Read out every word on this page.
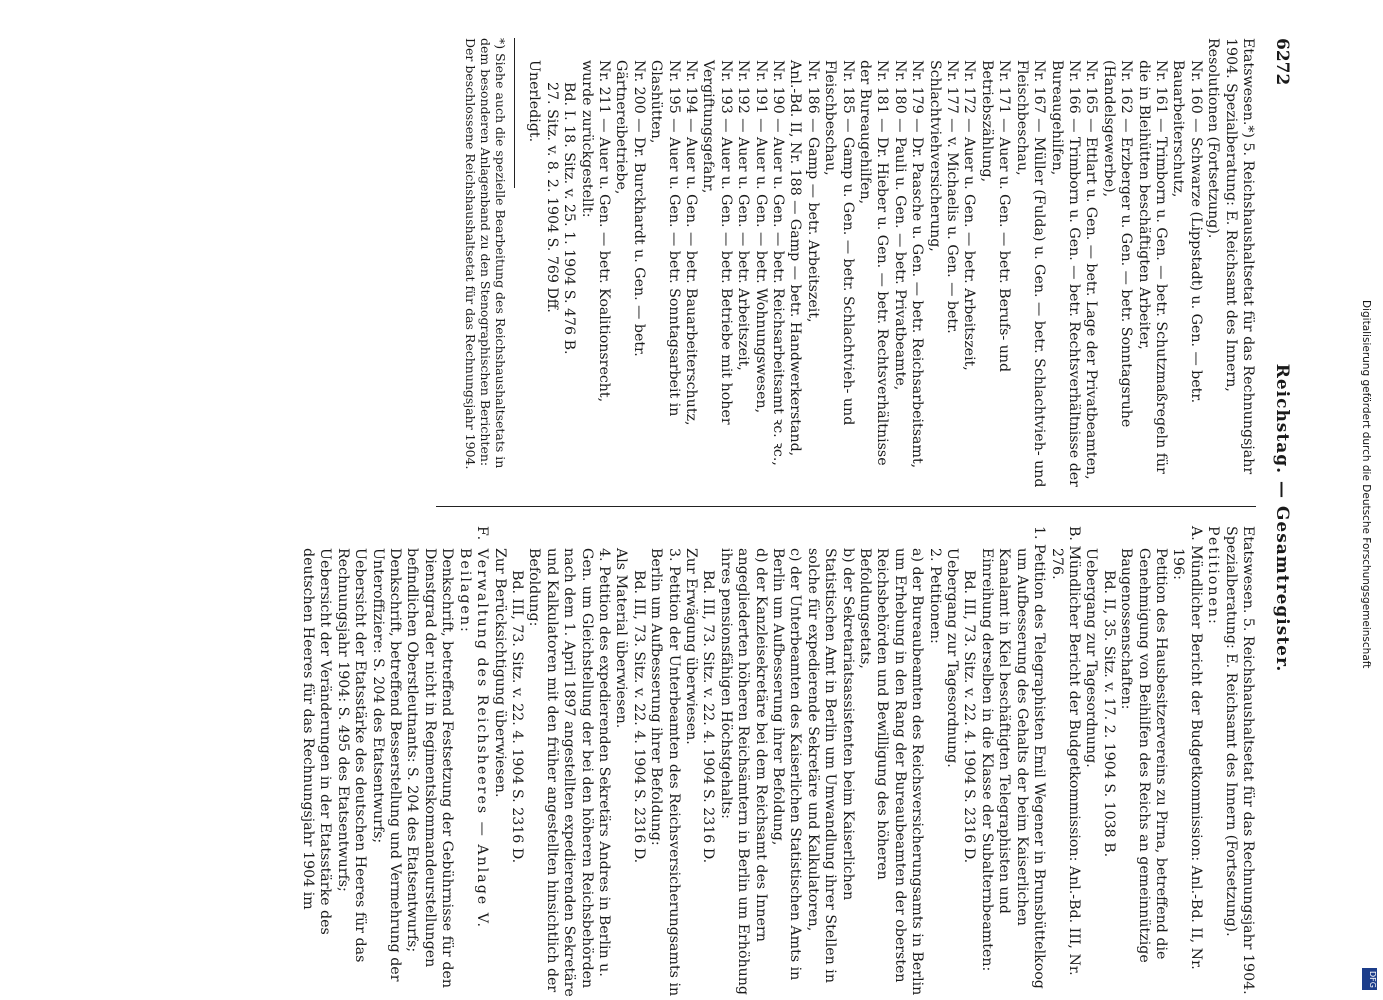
6272
Reichstag. — Gesamtregister.

Etatswesen.*) 5. Reichshaushaltsetat für das Rechnungsjahr 1904. Spezialberatung: E. Reichsamt des Innern, Resolutionen (Fortsetzung).

Nr. 160 — Schwarze (Lippstadt) u. Gen. — betr. Bauarbeiterschutz,

Nr. 161 — Trimborn u. Gen. — betr. Schutzmaßregeln für die in Bleihütten beschäftigten Arbeiter,

Nr. 162 — Erzberger u. Gen. — betr. Sonntagsruhe (Handelsgewerbe),

Nr. 165 — Ettlart u. Gen. — betr. Lage der Privatbeamten,

Nr. 166 — Trimborn u. Gen. — betr. Rechtsverhältnisse der Bureaugehilfen,

Nr. 167 — Müller (Fulda) u. Gen. — betr. Schlachtvieh- und Fleischbeschau,

Nr. 171 — Auer u. Gen. — betr. Berufs- und Betriebszählung,

Nr. 172 — Auer u. Gen. — betr. Arbeitszeit,

Nr. 177 — v. Michaelis u. Gen. — betr. Schlachtviehversicherung,

Nr. 179 — Dr. Paasche u. Gen. — betr. Reichsarbeitsamt,

Nr. 180 — Pauli u. Gen. — betr. Privatbeamte,

Nr. 181 — Dr. Hieber u. Gen. — betr. Rechtsverhältnisse der Bureaugehilfen,

Nr. 185 — Gamp u. Gen. — betr. Schlachtvieh- und Fleischbeschau,

Nr. 186 — Gamp — betr. Arbeitszeit,

Anl.-Bd. II, Nr. 188 — Gamp — betr. Handwerkerstand,

Nr. 190 — Auer u. Gen. — betr. Reichsarbeitsamt ꝛc. ꝛc.,

Nr. 191 — Auer u. Gen. — betr. Wohnungswesen,

Nr. 192 — Auer u. Gen. — betr. Arbeitszeit,

Nr. 193 — Auer u. Gen. — betr. Betriebe mit hoher Vergiftungsgefahr,

Nr. 194 — Auer u. Gen. — betr. Bauarbeiterschutz,

Nr. 195 — Auer u. Gen. — betr. Sonntagsarbeit in Glashütten,

Nr. 200 — Dr. Burckhardt u. Gen. — betr. Gärtnereibetriebe,

Nr. 211 — Auer u. Gen. — betr. Koalitionsrecht,

wurde zurückgestellt:

Bd. I. 18. Sitz. v. 25. 1. 1904 S. 476 B.

27. Sitz. v. 8. 2. 1904 S. 769 Dff.

Unerledigt.

*) Siehe auch die spezielle Bearbeitung des Reichshaushaltsetats in dem besonderen Anlagenband zu den Stenographischen Berichten: Der beschlossene Reichshaushaltsetat für das Rechnungsjahr 1904.

Etatswesen. 5. Reichshaushaltsetat für das Rechnungsjahr 1904. Spezialberatung: E. Reichsamt des Innern (Fortsetzung).

Petitionen:

A. Mündlicher Bericht der Budgetkommission: Anl.-Bd. II, Nr. 196:

Petition des Hausbesitzervereins zu Pirna, betreffend die Genehmigung von Beihilfen des Reichs an gemeinnützige Baugenossenschaften:

Bd. II, 35. Sitz. v. 17. 2. 1904 S. 1038 B.

Uebergang zur Tagesordnung.

B. Mündlicher Bericht der Budgetkommission: Anl.-Bd. III, Nr. 276.

1. Petition des Telegraphisten Emil Wegener in Brunsbüttelkoog um Aufbesserung des Gehalts der beim Kaiserlichen Kanalamt in Kiel beschäftigten Telegraphisten und Einreihung derselben in die Klasse der Subalternbeamten:

Bd. III, 73. Sitz. v. 22. 4. 1904 S. 2316 D.

Uebergang zur Tagesordnung.

2. Petitionen:

a) der Bureaubeamten des Reichsversicherungsamts in Berlin um Erhebung in den Rang der Bureaubeamten der obersten Reichsbehörden und Bewilligung des höheren Befoldungsetats,

b) der Sekretariatsassistenten beim Kaiserlichen Statistischen Amt in Berlin um Umwandlung ihrer Stellen in solche für expedierende Sekretäre und Kalkulatoren,

c) der Unterbeamten des Kaiserlichen Statistischen Amts in Berlin um Aufbesserung ihrer Befoldung,

d) der Kanzleisekretäre bei dem Reichsamt des Innern angegliederten höheren Reichsämtern in Berlin um Erhöhung ihres pensionsfähigen Höchstgehalts:

Bd. III, 73. Sitz. v. 22. 4. 1904 S. 2316 D.

Zur Erwägung überwiesen.

3. Petition der Unterbeamten des Reichsversicherungsamts in Berlin um Aufbesserung ihrer Befoldung:

Bd. III, 73. Sitz. v. 22. 4. 1904 S. 2316 D.

Als Material überwiesen.

4. Petition des expedierenden Sekretärs Andres in Berlin u. Gen. um Gleichstellung der bei den höheren Reichsbehörden nach dem 1. April 1897 angestellten expedierenden Sekretäre und Kalkulatoren mit den früher angestellten hinsichtlich der Befoldung:

Bd. III, 73. Sitz. v. 22. 4. 1904 S. 2316 D.

Zur Berücksichtigung überwiesen.

F. Verwaltung des Reichsheeres — Anlage V.

Beilagen:

Denkschrift, betreffend Festsetzung der Gebührnisse für den Dienstgrad der nicht in Regimentskommandeurstellungen befindlichen Oberstleutnants: S. 204 des Etatsentwurfs;

Denkschrift, betreffend Besserstellung und Vermehrung der Unteroffiziere: S. 204 des Etatsentwurfs;

Uebersicht der Etatsstärke des deutschen Heeres für das Rechnungsjahr 1904: S. 495 des Etatsentwurfs;

Uebersicht der Veränderungen in der Etatsstärke des deutschen Heeres für das Rechnungsjahr 1904 im

Digitalisierung gefördert durch die Deutsche Forschungsgemeinschaft
DFG
